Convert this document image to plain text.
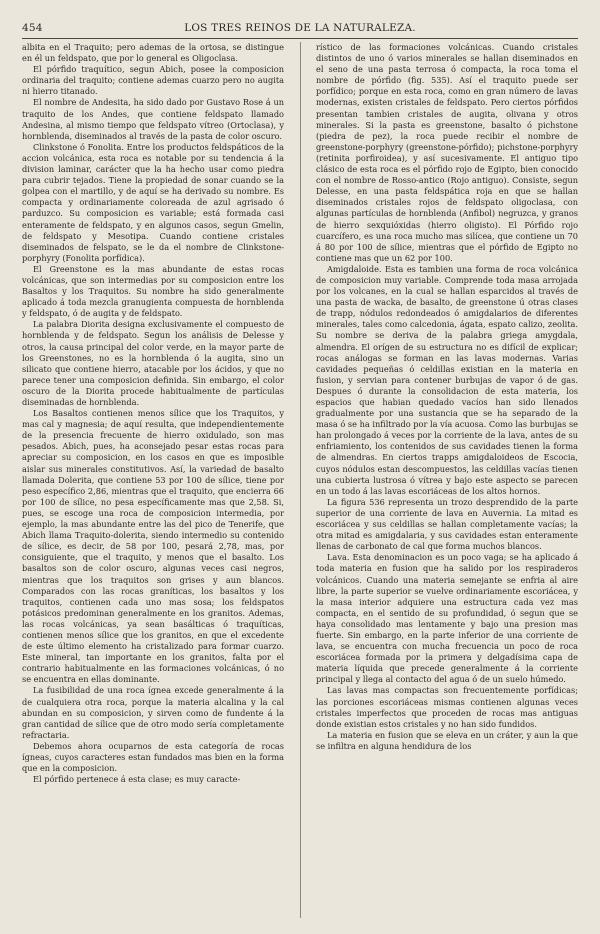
454	LOS TRES REINOS DE LA NATURALEZA.

albita en el Traquito; pero ademas de la ortosa, se distingue en él un feldspato, que por lo general es Oligoclasa.

El pórfido traquítico, segun Abich, posee la composicion ordinaria del traquito; contiene ademas cuarzo pero no augita ni hierro titanado.

El nombre de Andesita, ha sido dado por Gustavo Rose á un traquito de los Andes, que contiene feldspato llamado Andesina, al mismo tiempo que feldspato vítreo (Ortoclasa), y hornblenda, diseminados al través de la pasta de color oscuro.

Clinkstone ó Fonolita. Entre los productos feldspáticos de la accion volcánica, esta roca es notable por su tendencia á la division laminar, carácter que la ha hecho usar como piedra para cubrir tejados. Tiene la propiedad de sonar cuando se la golpea con el martillo, y de aquí se ha derivado su nombre. Es compacta y ordinariamente coloreada de azul agrisado ó parduzco. Su composicion es variable; está formada casi enteramente de feldspato, y en algunos casos, segun Gmelin, de feldspato y Mesotipa. Cuando contiene cristales diseminados de felspato, se le da el nombre de Clinkstone-porphyry (Fonolita porfídica).

El Greenstone es la mas abundante de estas rocas volcánicas, que son intermedias por su composicion entre los Basaltos y los Traquitos. Su nombre ha sido generalmente aplicado á toda mezcla granugienta compuesta de hornblenda y feldspato, ó de augita y de feldspato.

La palabra Diorita designa exclusivamente el compuesto de hornblenda y de feldspato. Segun los análisis de Delesse y otros, la causa principal del color verde, en la mayor parte de los Greenstones, no es la hornblenda ó la augita, sino un silicato que contiene hierro, atacable por los ácidos, y que no parece tener una composicion definida. Sin embargo, el color oscuro de la Diorita procede habitualmente de partículas diseminadas de hornblenda.

Los Basaltos contienen menos sílice que los Traquitos, y mas cal y magnesia; de aquí resulta, que independientemente de la presencia frecuente de hierro oxidulado, son mas pesados. Abich, pues, ha aconsejado pesar estas rocas para apreciar su composicion, en los casos en que es imposible aislar sus minerales constitutivos. Así, la variedad de basalto llamada Dolerita, que contiene 53 por 100 de sílice, tiene por peso específico 2,86, mientras que el traquito, que encierra 66 por 100 de sílice, no pesa específicamente mas que 2,58. Si, pues, se escoge una roca de composicion intermedia, por ejemplo, la mas abundante entre las del pico de Tenerife, que Abich llama Traquito-dolerita, siendo intermedio su contenido de sílice, es decir, de 58 por 100, pesará 2,78, mas, por consiguiente, que el traquito, y menos que el basalto. Los basaltos son de color oscuro, algunas veces casi negros, mientras que los traquitos son grises y aun blancos. Comparados con las rocas graníticas, los basaltos y los traquitos, contienen cada uno mas sosa; los feldspatos potásicos predominan generalmente en los granitos. Ademas, las rocas volcánicas, ya sean basálticas ó traquíticas, contienen menos sílice que los granitos, en que el excedente de este último elemento ha cristalizado para formar cuarzo. Este mineral, tan importante en los granitos, falta por el contrario habitualmente en las formaciones volcánicas, ó no se encuentra en ellas dominante.

La fusibilidad de una roca ígnea excede generalmente á la de cualquiera otra roca, porque la materia alcalina y la cal abundan en su composicion, y sirven como de fundente á la gran cantidad de sílice que de otro modo sería completamente refractaria.

Debemos ahora ocuparnos de esta categoría de rocas ígneas, cuyos caracteres estan fundados mas bien en la forma que en la composicion.

El pórfido pertenece á esta clase; es muy caracte-

rístico de las formaciones volcánicas. Cuando cristales distintos de uno ó varios minerales se hallan diseminados en el seno de una pasta terrosa ó compacta, la roca toma el nombre de pórfido (fig. 535). Así el traquito puede ser porfídico; porque en esta roca, como en gran número de lavas modernas, existen cristales de feldspato. Pero ciertos pórfidos presentan tambien cristales de augita, olivana y otros minerales. Si la pasta es greenstone, basalto ó pichstone (piedra de pez), la roca puede recibir el nombre de greenstone-porphyry (greenstone-pórfido); pichstone-porphyry (retinita porfiroidea), y así sucesivamente. El antiguo tipo clásico de esta roca es el pórfido rojo de Egipto, bien conocido con el nombre de Rosso-antico (Rojo antiguo). Consiste, segun Delesse, en una pasta feldspática roja en que se hallan diseminados cristales rojos de feldspato oligoclasa, con algunas partículas de hornblenda (Anfibol) negruzca, y granos de hierro sexquióxidas (hierro oligisto). El Pórfido rojo cuarcífero, es una roca mucho mas silícea, que contiene un 70 á 80 por 100 de sílice, mientras que el pórfido de Egipto no contiene mas que un 62 por 100.

Amigdaloide. Esta es tambien una forma de roca volcánica de composicion muy variable. Comprende toda masa arrojada por los volcanes, en la cual se hallan esparcidos al través de una pasta de wacka, de basalto, de greenstone ú otras clases de trapp, nódulos redondeados ó amigdalarios de diferentes minerales, tales como calcedonia, ágata, espato calizo, zeolita. Su nombre se deriva de la palabra griega amygdala, almendra. El orígen de su estructura no es difícil de explicar; rocas análogas se forman en las lavas modernas. Varias cavidades pequeñas ó celdillas existian en la materia en fusion, y servian para contener burbujas de vapor ó de gas. Despues ó durante la consolidacion de esta materia, los espacios que habian quedado vacíos han sido llenados gradualmente por una sustancia que se ha separado de la masa ó se ha infiltrado por la vía acuosa. Como las burbujas se han prolongado á veces por la corriente de la lava, antes de su enfriamiento, los contenidos de sus cavidades tienen la forma de almendras. En ciertos trapps amigdaloideos de Escocia, cuyos nódulos estan descompuestos, las celdillas vacías tienen una cubierta lustrosa ó vítrea y bajo este aspecto se parecen en un todo á las lavas escoriáceas de los altos hornos.

La figura 536 representa un trozo desprendido de la parte superior de una corriente de lava en Auvernia. La mitad es escoriácea y sus celdillas se hallan completamente vacías; la otra mitad es amigdalaria, y sus cavidades estan enteramente llenas de carbonato de cal que forma muchos blancos.

Lava. Esta denominacion es un poco vaga; se ha aplicado á toda materia en fusion que ha salido por los respiraderos volcánicos. Cuando una materia semejante se enfria al aire libre, la parte superior se vuelve ordinariamente escoriácea, y la masa interior adquiere una estructura cada vez mas compacta, en el sentido de su profundidad, ó segun que se haya consolidado mas lentamente y bajo una presion mas fuerte. Sin embargo, en la parte inferior de una corriente de lava, se encuentra con mucha frecuencia un poco de roca escoriácea formada por la primera y delgadísima capa de materia líquida que precede generalmente á la corriente principal y llega al contacto del agua ó de un suelo húmedo.

Las lavas mas compactas son frecuentemente porfídicas; las porciones escoriáceas mismas contienen algunas veces cristales imperfectos que proceden de rocas mas antiguas donde existian estos cristales y no han sido fundidos.

La materia en fusion que se eleva en un cráter, y aun la que se infiltra en alguna hendidura de los
